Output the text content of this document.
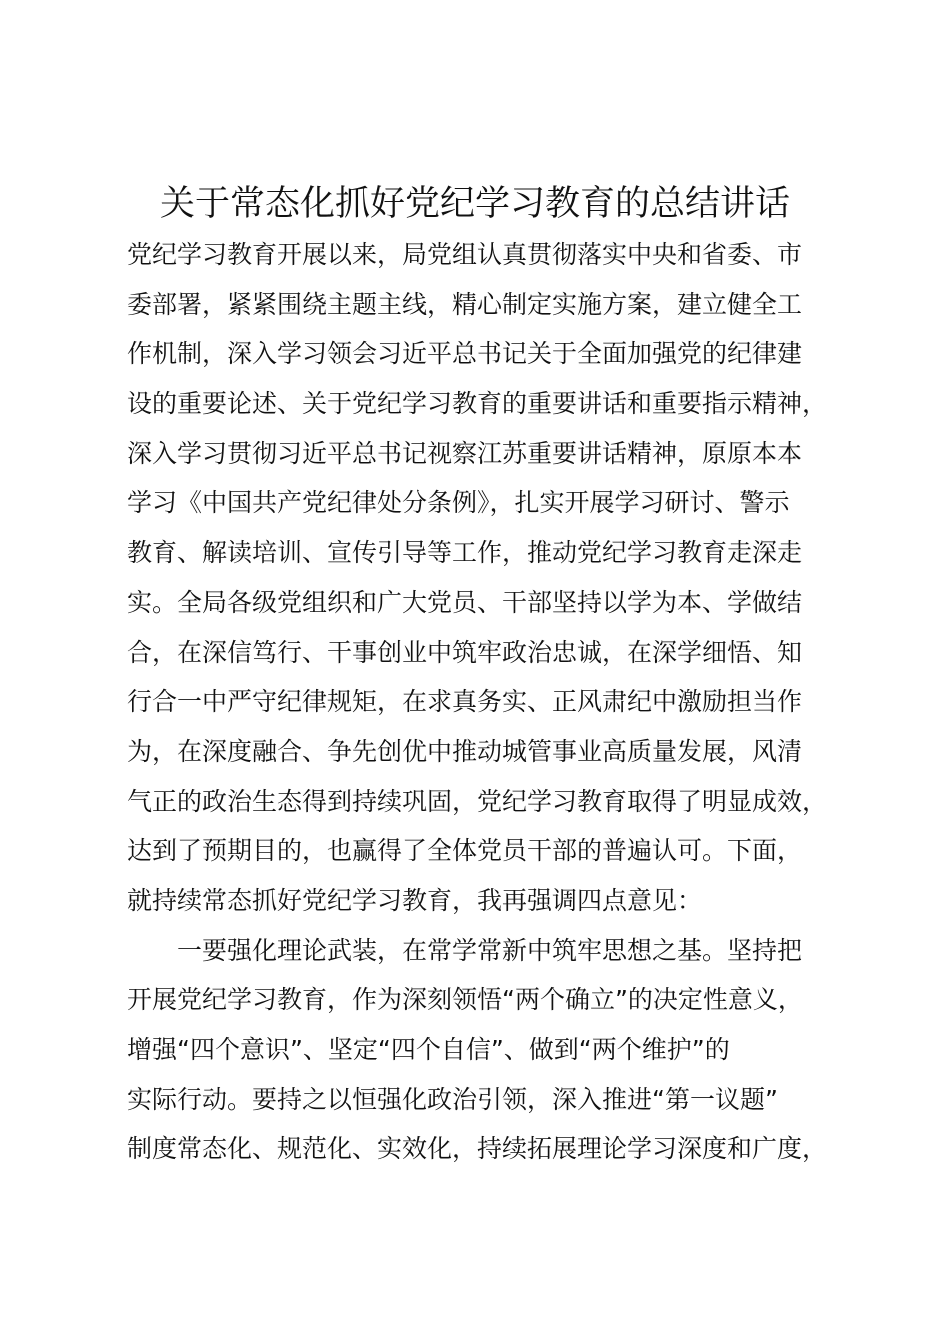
关于常态化抓好党纪学习教育的总结讲话

党纪学习教育开展以来，局党组认真贯彻落实中央和省委、市

委部署，紧紧围绕主题主线，精心制定实施方案，建立健全工

作机制，深入学习领会习近平总书记关于全面加强党的纪律建

设的重要论述、关于党纪学习教育的重要讲话和重要指示精神，

深入学习贯彻习近平总书记视察江苏重要讲话精神，原原本本

学习《中国共产党纪律处分条例》，扎实开展学习研讨、警示

教育、解读培训、宣传引导等工作，推动党纪学习教育走深走

实。全局各级党组织和广大党员、干部坚持以学为本、学做结

合，在深信笃行、干事创业中筑牢政治忠诚，在深学细悟、知

行合一中严守纪律规矩，在求真务实、正风肃纪中激励担当作

为，在深度融合、争先创优中推动城管事业高质量发展，风清

气正的政治生态得到持续巩固，党纪学习教育取得了明显成效，

达到了预期目的，也赢得了全体党员干部的普遍认可。下面，

就持续常态抓好党纪学习教育，我再强调四点意见：

一要强化理论武装，在常学常新中筑牢思想之基。坚持把

开展党纪学习教育，作为深刻领悟“两个确立”的决定性意义，

增强“四个意识”、坚定“四个自信”、做到“两个维护”的

实际行动。要持之以恒强化政治引领，深入推进“第一议题”

制度常态化、规范化、实效化，持续拓展理论学习深度和广度，
